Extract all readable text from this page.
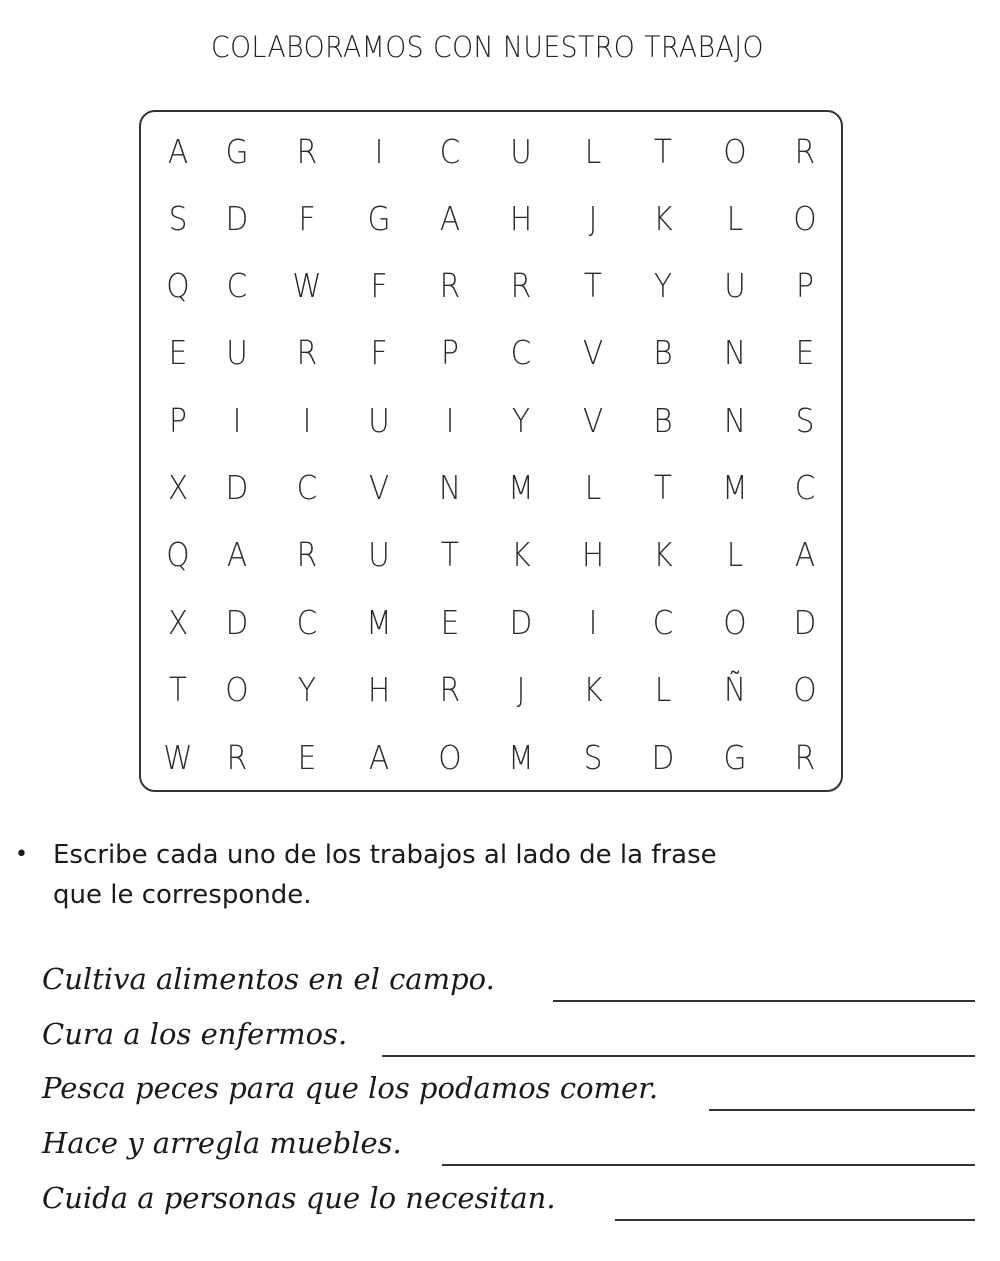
COLABORAMOS CON NUESTRO TRABAJO
A	G	R	I	C	U	L	T	O	R
S	D	F	G	A	H	J	K	L	O
Q	C	W	F	R	R	T	Y	U	P
E	U	R	F	P	C	V	B	N	E
P	I	I	U	I	Y	V	B	N	S
X	D	C	V	N	M	L	T	M	C
Q	A	R	U	T	K	H	K	L	A
X	D	C	M	E	D	I	C	O	D
T	O	Y	H	R	J	K	L	Ñ	O
W	R	E	A	O	M	S	D	G	R
• Escribe cada uno de los trabajos al lado de la frase
que le corresponde.
Cultiva alimentos en el campo.
Cura a los enfermos.
Pesca peces para que los podamos comer.
Hace y arregla muebles.
Cuida a personas que lo necesitan.
